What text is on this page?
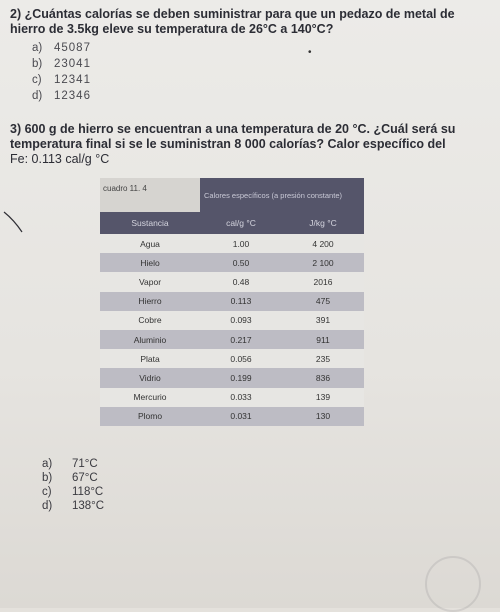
2) ¿Cuántas calorías se deben suministrar para que un pedazo de metal de hierro de 3.5kg eleve su temperatura de 26°C a 140°C?
a)	45087
b)	23041
c)	12341
d)	12346
•
3) 600 g de hierro se encuentran a una temperatura de 20 °C. ¿Cuál será su temperatura final si se le suministran 8 000 calorías? Calor específico del
Fe: 0.113 cal/g °C
cuadro 11. 4
Calores específicos (a presión constante)
Sustancia	cal/g °C	J/kg °C
Agua	1.00	4 200
Hielo	0.50	2 100
Vapor	0.48	2016
Hierro	0.113	475
Cobre	0.093	391
Aluminio	0.217	911
Plata	0.056	235
Vidrio	0.199	836
Mercurio	0.033	139
Plomo	0.031	130
a)	71°C
b)	67°C
c)	118°C
d)	138°C
